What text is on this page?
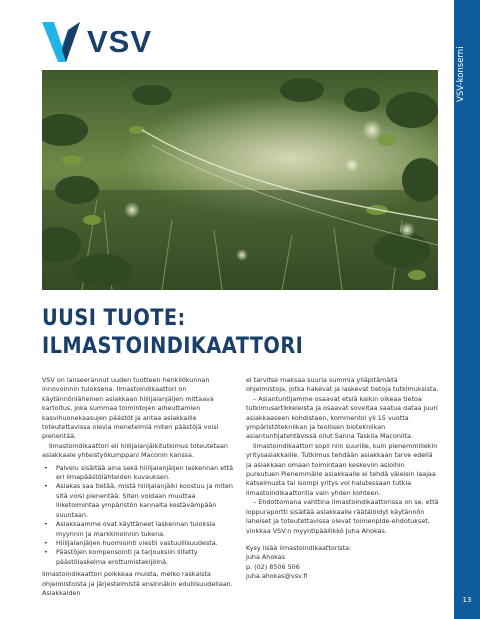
VSV
VSV-konserni
13
UUSI TUOTE:
ILMASTOINDIKAATTORI

VSV on lanseerannut uuden tuotteen henkilökunnan innovoinnin tuloksena. Ilmastoindikaattori on käytännönläheinen asiakkaan hiilijalanjäljen mittaava kartoitus, joka summaa toimintojen aiheuttamien kasvihuonekaasujen päästöt ja antaa asiakkaille toteutettavissa olevia menetelmiä miten päästöjä voisi pienentää.

Ilmastoindikaattori eli hiilijalanjälkitutkimus toteutetaan asiakkaale yhteistyökumppani Maconin kanssa.

• Palvelu sisältää aina sekä hiilijalanjäljen laskennan että eri ilmapäästölähteiden kuvauksen.
• Asiakas saa tietää, mistä hiilijalanjälki koostuu ja miten sitä voisi pienentää. Siten voidaan muuttaa liiketoimintaa ympäristön kannalta kestävämpään suuntaan.
• Asiakkaamme ovat käyttäneet laskennan tuloksia myynnin ja markkinoinnin tukena.
• Hiilijalanjäljen huomiointi viestii vastuullisuudesta.
• Päästöjen kompensointi ja tarjouksiin liitetty päästölaskelma erottumistekijöinä.

Ilmastoindikaattori poikkeaa muista, melko raskaista ohjelmistoista ja järjestelmistä ensinnäkin edullisuudellaan. Asiakkaiden

ei tarvitse maksaa suuria summia ylläpitämällä ohjelmistoja, jotka hakevat ja laskevat tietoja tutkimuksista.

– Asiantuntijamme osaavat etsiä kaikin oikeaa tietoa tutkimusartikkeleista ja osaavat soveltaa saatua dataa juuri asiakkaaseen kohdistaen, kommentoi yli 15 vuotta ympäristötekniikan ja teollisen biotekniikan asiantuntijatehtävissä ollut Sanna Taskila Maconilta.

Ilmastoindikaattori sopii niin suurille, kuin pienemmillekin yritysasiakkaille. Tutkimus tehdään asiakkaan tarve edellä ja asiakkaan omaan toimintaan keskeviin asioihin pureutuen Pienemmälle asiakkaalle ei tehdä väleisin laajaa katselmusta tai isompi yritys voi halutessaan tutkia ilmastoindikaattorilla vain yhden kohteen.

– Ehdottomana vahttina ilmastoindikaattorissa on se, että loppuraportti sisältää asiakkaalle räätälöidyt käytännön laheiset ja toteutettavissa olevat toimenpide-ehdotukset, vinkkaa VSV:n myyntipäällikkö Juha Ahokas.

Kysy lisää ilmastoindikaattorista:
Juha Ahokas
p. (02) 8506 506
juha.ahokas@vsv.fi
